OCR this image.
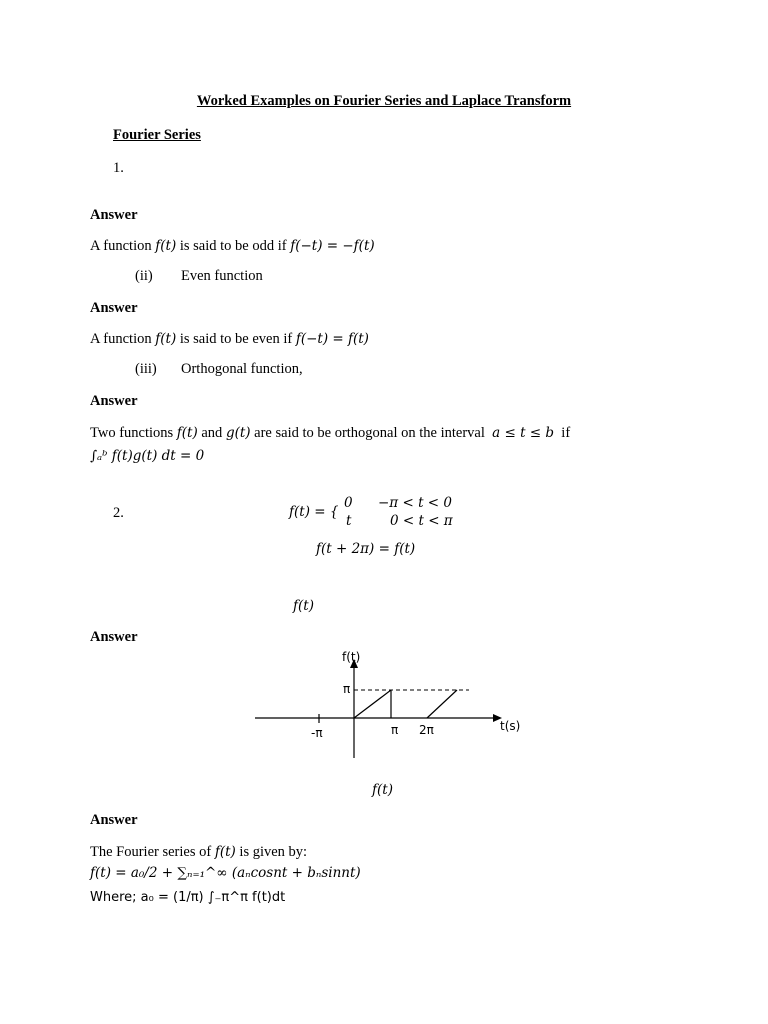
Worked Examples on Fourier Series and Laplace Transform
Fourier Series
1.
Answer
A function f(t) is said to be odd if f(−t) = −f(t)
(ii) Even function
Answer
A function f(t) is said to be even if f(−t) = f(t)
(iii) Orthogonal function,
Answer
Two functions f(t) and g(t) are said to be orthogonal on the interval a ≤ t ≤ b if
∫ₐᵇ f(t)g(t) dt = 0
2.	f(t) = {
0 −π < t < 0
t	0 < t < π
f(t + 2π) = f(t)
f(t)
Answer
f(t)
π
-π	π 2π	t(s)
f(t)
Answer
The Fourier series of f(t) is given by:
f(t) = a₀/2 + ∑ₙ₌₁^∞ (aₙcosnt + bₙsinnt)
Where; a₀ = (1/π) ∫₋π^π f(t)dt
